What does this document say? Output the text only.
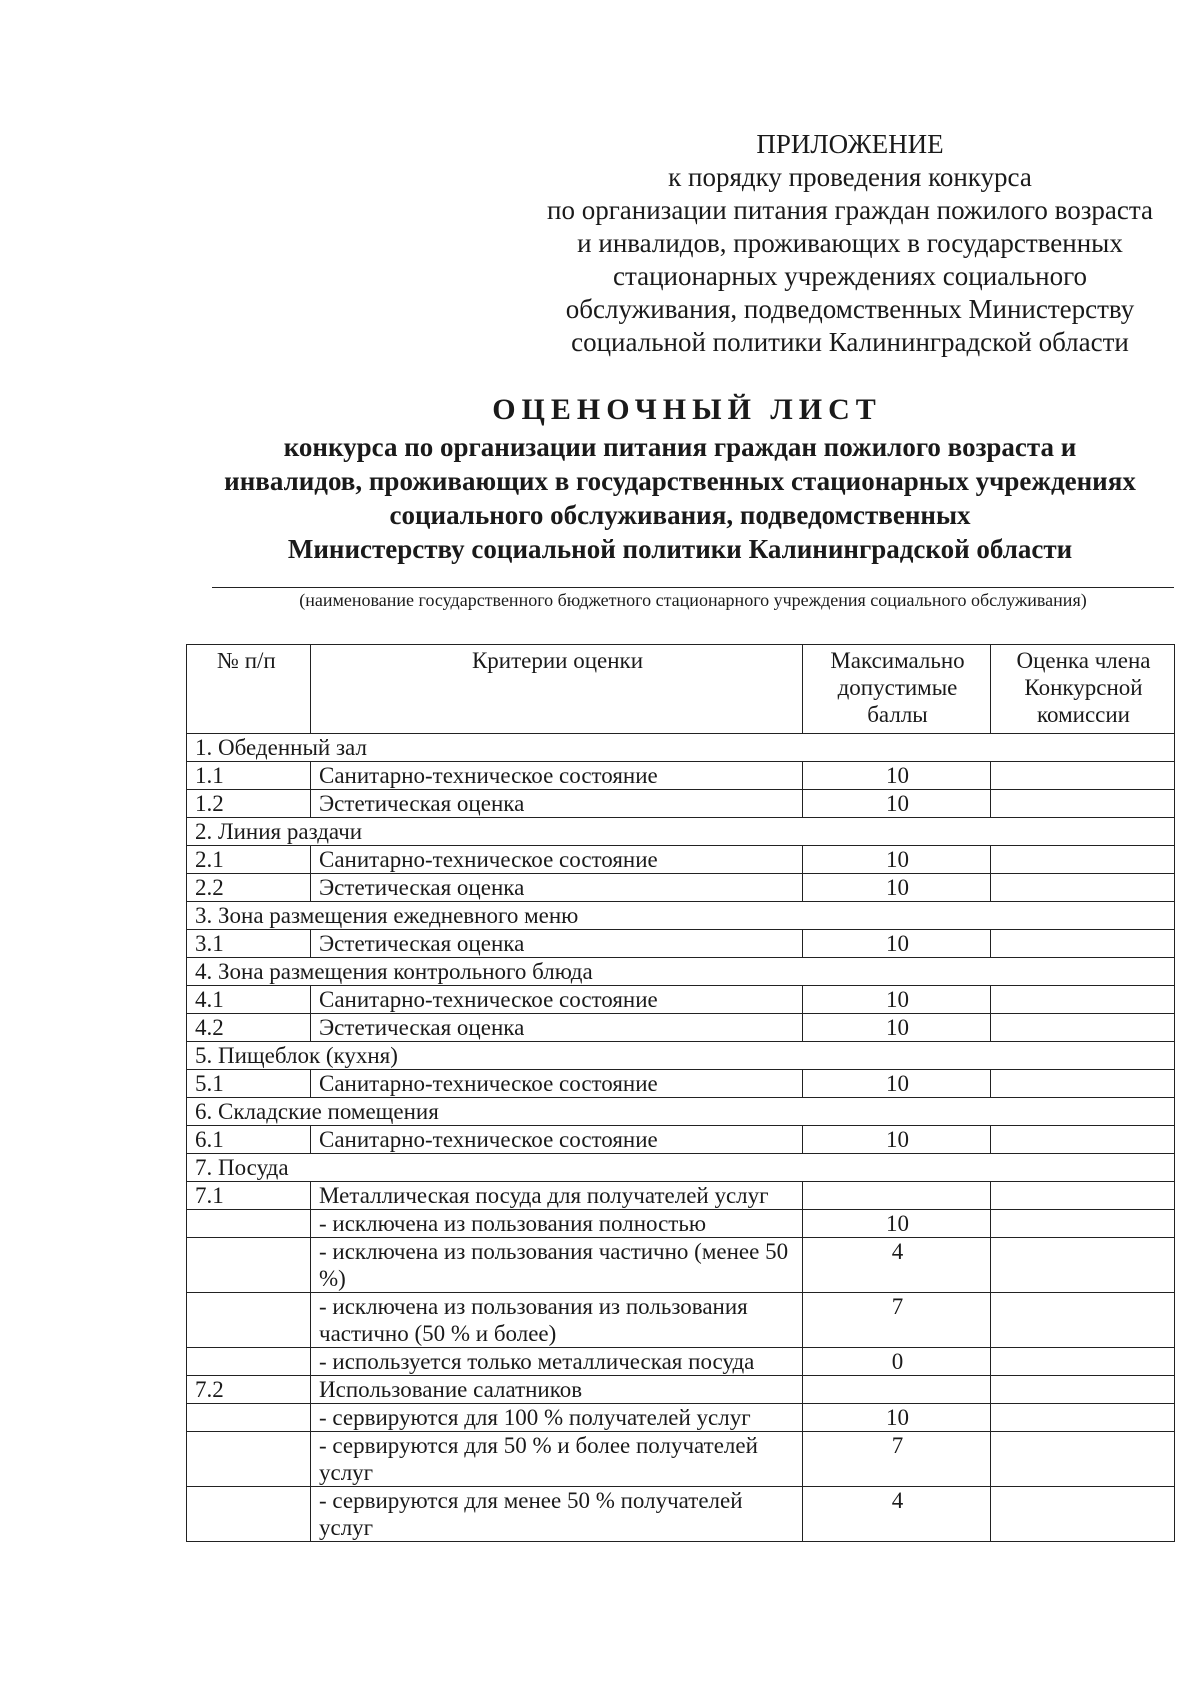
ПРИЛОЖЕНИЕ
к порядку проведения конкурса
по организации питания граждан пожилого возраста
и инвалидов, проживающих в государственных
стационарных учреждениях социального
обслуживания, подведомственных Министерству
социальной политики Калининградской области
ОЦЕНОЧНЫЙ ЛИСТ
конкурса по организации питания граждан пожилого возраста и
инвалидов, проживающих в государственных стационарных учреждениях
социального обслуживания, подведомственных
Министерству социальной политики Калининградской области
(наименование государственного бюджетного стационарного учреждения социального обслуживания)
№ п/п	Критерии оценки	Максимально допустимые баллы	Оценка члена Конкурсной комиссии
1. Обеденный зал			
1.1	Санитарно-техническое состояние	10	
1.2	Эстетическая оценка	10	
2. Линия раздачи			
2.1	Санитарно-техническое состояние	10	
2.2	Эстетическая оценка	10	
3. Зона размещения ежедневного меню			
3.1	Эстетическая оценка	10	
4. Зона размещения контрольного блюда			
4.1	Санитарно-техническое состояние	10	
4.2	Эстетическая оценка	10	
5. Пищеблок (кухня)			
5.1	Санитарно-техническое состояние	10	
6. Складские помещения			
6.1	Санитарно-техническое состояние	10	
7. Посуда			
7.1	Металлическая посуда для получателей услуг		
	- исключена из пользования полностью	10	
	- исключена из пользования частично (менее 50 %)	4	
	- исключена из пользования из пользования частично (50 % и более)	7	
	- используется только металлическая посуда	0	
7.2	Использование салатников		
	- сервируются для 100 % получателей услуг	10	
	- сервируются для 50 % и более получателей услуг	7	
	- сервируются для менее 50 % получателей услуг	4	
